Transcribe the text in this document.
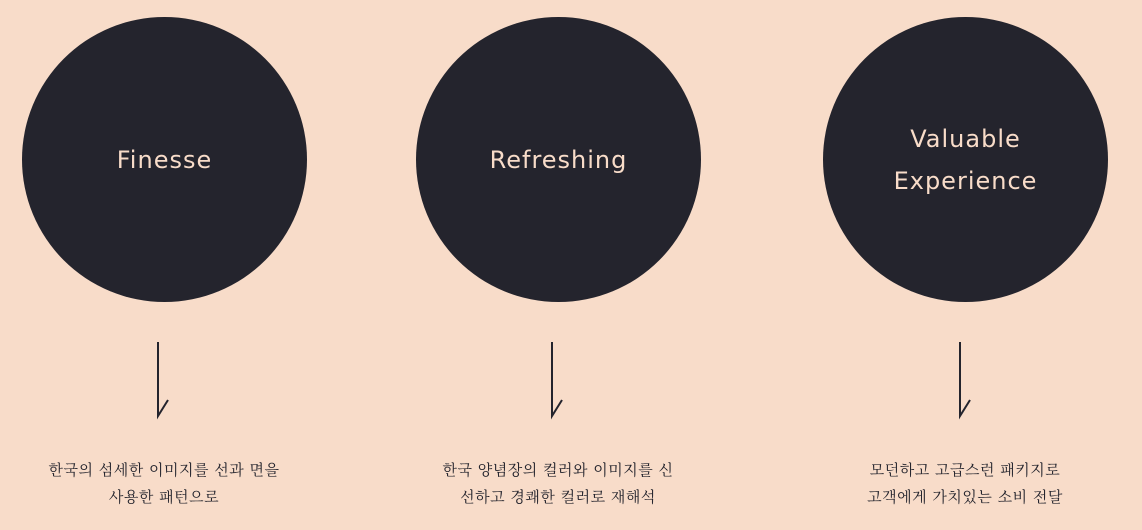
Finesse
한국의 섬세한 이미지를 선과 면을
사용한 패턴으로
Refreshing
한국 양념장의 컬러와 이미지를 신
선하고 경쾌한 컬러로 재해석
Valuable
Experience
모던하고 고급스런 패키지로
고객에게 가치있는 소비 전달
